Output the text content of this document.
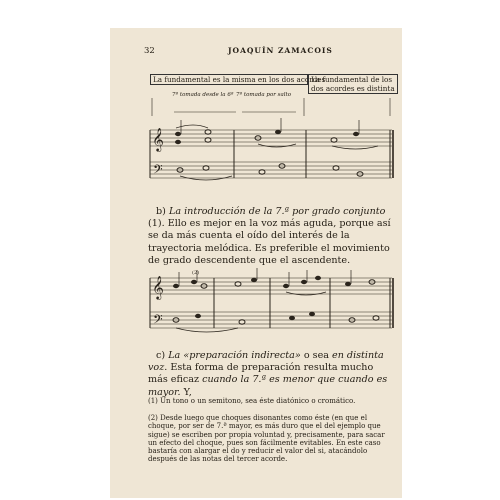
32	JOAQUÍN ZAMACOIS
La fundamental es la misma en los dos acordes
La fundamental de los dos acordes es distinta
7ª tomada desde la 6ª 7ª tomada por salto
𝄞
𝄢
b) La introducción de la 7.ª por grado conjunto (1). Ello es mejor en la voz más aguda, porque así se da más cuenta el oído del interés de la trayectoria melódica. Es preferible el movimiento de grado descendente que el ascendente.
𝄞
𝄢
(2)
c) La «preparación indirecta» o sea en distinta voz. Esta forma de preparación resulta mucho más eficaz cuando la 7.ª es menor que cuando es mayor. Y,
(1) Un tono o un semitono, sea éste diatónico o cromático.
(2) Desde luego que choques disonantes como éste (en que el choque, por ser de 7.ª mayor, es más duro que el del ejemplo que sigue) se escriben por propia voluntad y, precisamente, para sacar un efecto del choque, pues son fácilmente evitables. En este caso bastaría con alargar el do y reducir el valor del si, atacándolo después de las notas del tercer acorde.
